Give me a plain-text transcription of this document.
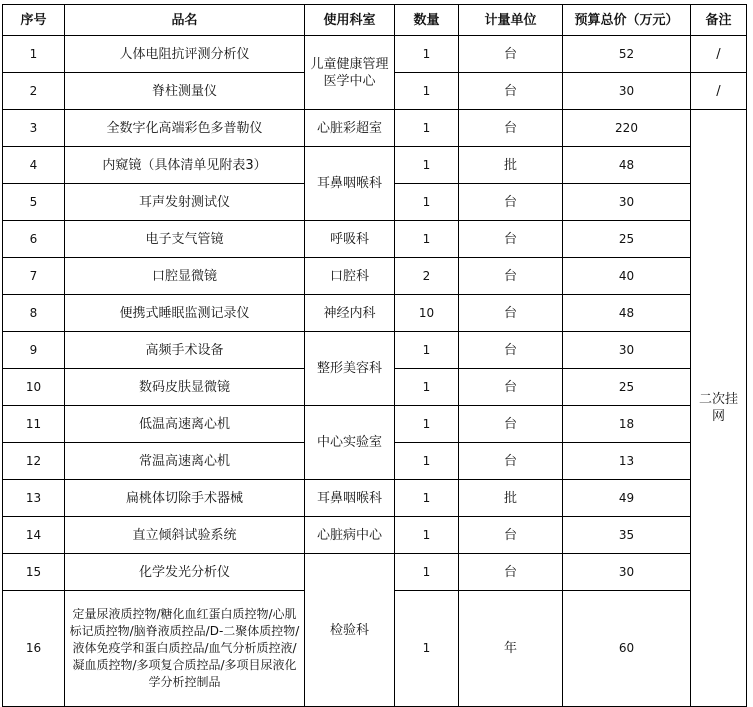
序号	品名	使用科室	数量	计量单位	预算总价（万元）	备注	
1	人体电阻抗评测分析仪	儿童健康管理医学中心	1	台	52	/	
2	脊柱测量仪		1	台	30	/	
3	全数字化高端彩色多普勒仪	心脏彩超室	1	台	220	二次挂网	
4	内窥镜（具体清单见附表3）	耳鼻咽喉科	1	批	48		
5	耳声发射测试仪		1	台	30		
6	电子支气管镜	呼吸科	1	台	25		
7	口腔显微镜	口腔科	2	台	40		
8	便携式睡眠监测记录仪	神经内科	10	台	48		
9	高频手术设备	整形美容科	1	台	30		
10	数码皮肤显微镜		1	台	25		
11	低温高速离心机	中心实验室	1	台	18		
12	常温高速离心机		1	台	13		
13	扁桃体切除手术器械	耳鼻咽喉科	1	批	49		
14	直立倾斜试验系统	心脏病中心	1	台	35		
15	化学发光分析仪	检验科	1	台	30		
16	定量尿液质控物/糖化血红蛋白质控物/心肌标记质控物/脑脊液质控品/D-二聚体质控物/液体免疫学和蛋白质控品/血气分析质控液/凝血质控物/多项复合质控品/多项目尿液化学分析控制品		1	年	60		
